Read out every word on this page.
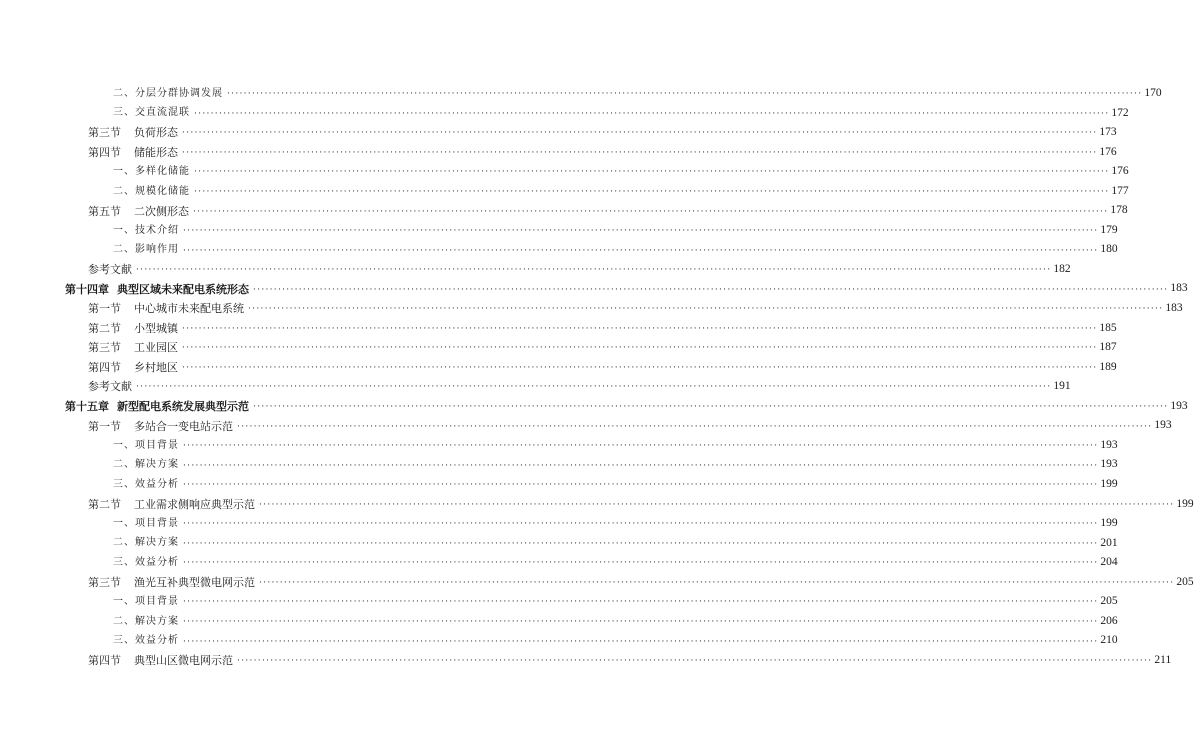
二、分层分群协调发展 ···························································································································································································································· 170
三、交直流混联 ···························································································································································································································· 172
第三节 负荷形态 ···························································································································································································································· 173
第四节 储能形态 ···························································································································································································································· 176
一、多样化储能 ···························································································································································································································· 176
二、规模化储能 ···························································································································································································································· 177
第五节 二次侧形态 ···························································································································································································································· 178
一、技术介绍 ···························································································································································································································· 179
二、影响作用 ···························································································································································································································· 180
参考文献 ···························································································································································································································· 182
第十四章 典型区域未来配电系统形态 ···························································································································································································································· 183
第一节 中心城市未来配电系统 ···························································································································································································································· 183
第二节 小型城镇 ···························································································································································································································· 185
第三节 工业园区 ···························································································································································································································· 187
第四节 乡村地区 ···························································································································································································································· 189
参考文献 ···························································································································································································································· 191
第十五章 新型配电系统发展典型示范 ···························································································································································································································· 193
第一节 多站合一变电站示范 ···························································································································································································································· 193
一、项目背景 ···························································································································································································································· 193
二、解决方案 ···························································································································································································································· 193
三、效益分析 ···························································································································································································································· 199
第二节 工业需求侧响应典型示范 ···························································································································································································································· 199
一、项目背景 ···························································································································································································································· 199
二、解决方案 ···························································································································································································································· 201
三、效益分析 ···························································································································································································································· 204
第三节 渔光互补典型微电网示范 ···························································································································································································································· 205
一、项目背景 ···························································································································································································································· 205
二、解决方案 ···························································································································································································································· 206
三、效益分析 ···························································································································································································································· 210
第四节 典型山区微电网示范 ···························································································································································································································· 211
